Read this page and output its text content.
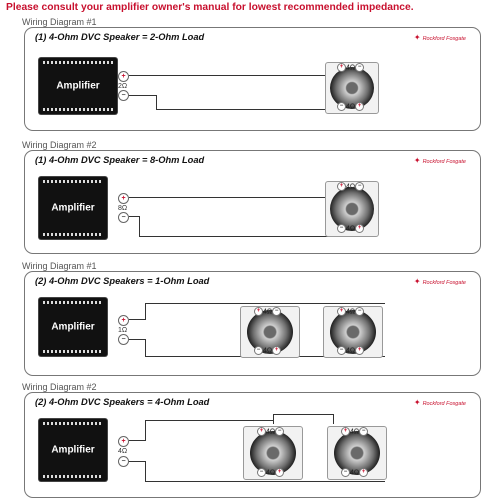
Please consult your amplifier owner's manual for lowest recommended impedance.
Wiring Diagram #1
(1) 4-Ohm DVC Speaker = 2-Ohm Load	✦ Rockford Fosgate
Amplifier
+
−
2Ω
+ 4Ω −
− 4Ω +
Wiring Diagram #2
(1) 4-Ohm DVC Speaker = 8-Ohm Load	✦ Rockford Fosgate
Amplifier
+
−
8Ω
+ 4Ω −
− 4Ω +
Wiring Diagram #1
(2) 4-Ohm DVC Speakers = 1-Ohm Load	✦ Rockford Fosgate
Amplifier
+
−
1Ω
+ 4Ω −
− 4Ω +
+ 4Ω −
− 4Ω +
Wiring Diagram #2
(2) 4-Ohm DVC Speakers = 4-Ohm Load	✦ Rockford Fosgate
Amplifier
+
−
4Ω
+ 4Ω −
− 4Ω +
+ 4Ω −
− 4Ω +
